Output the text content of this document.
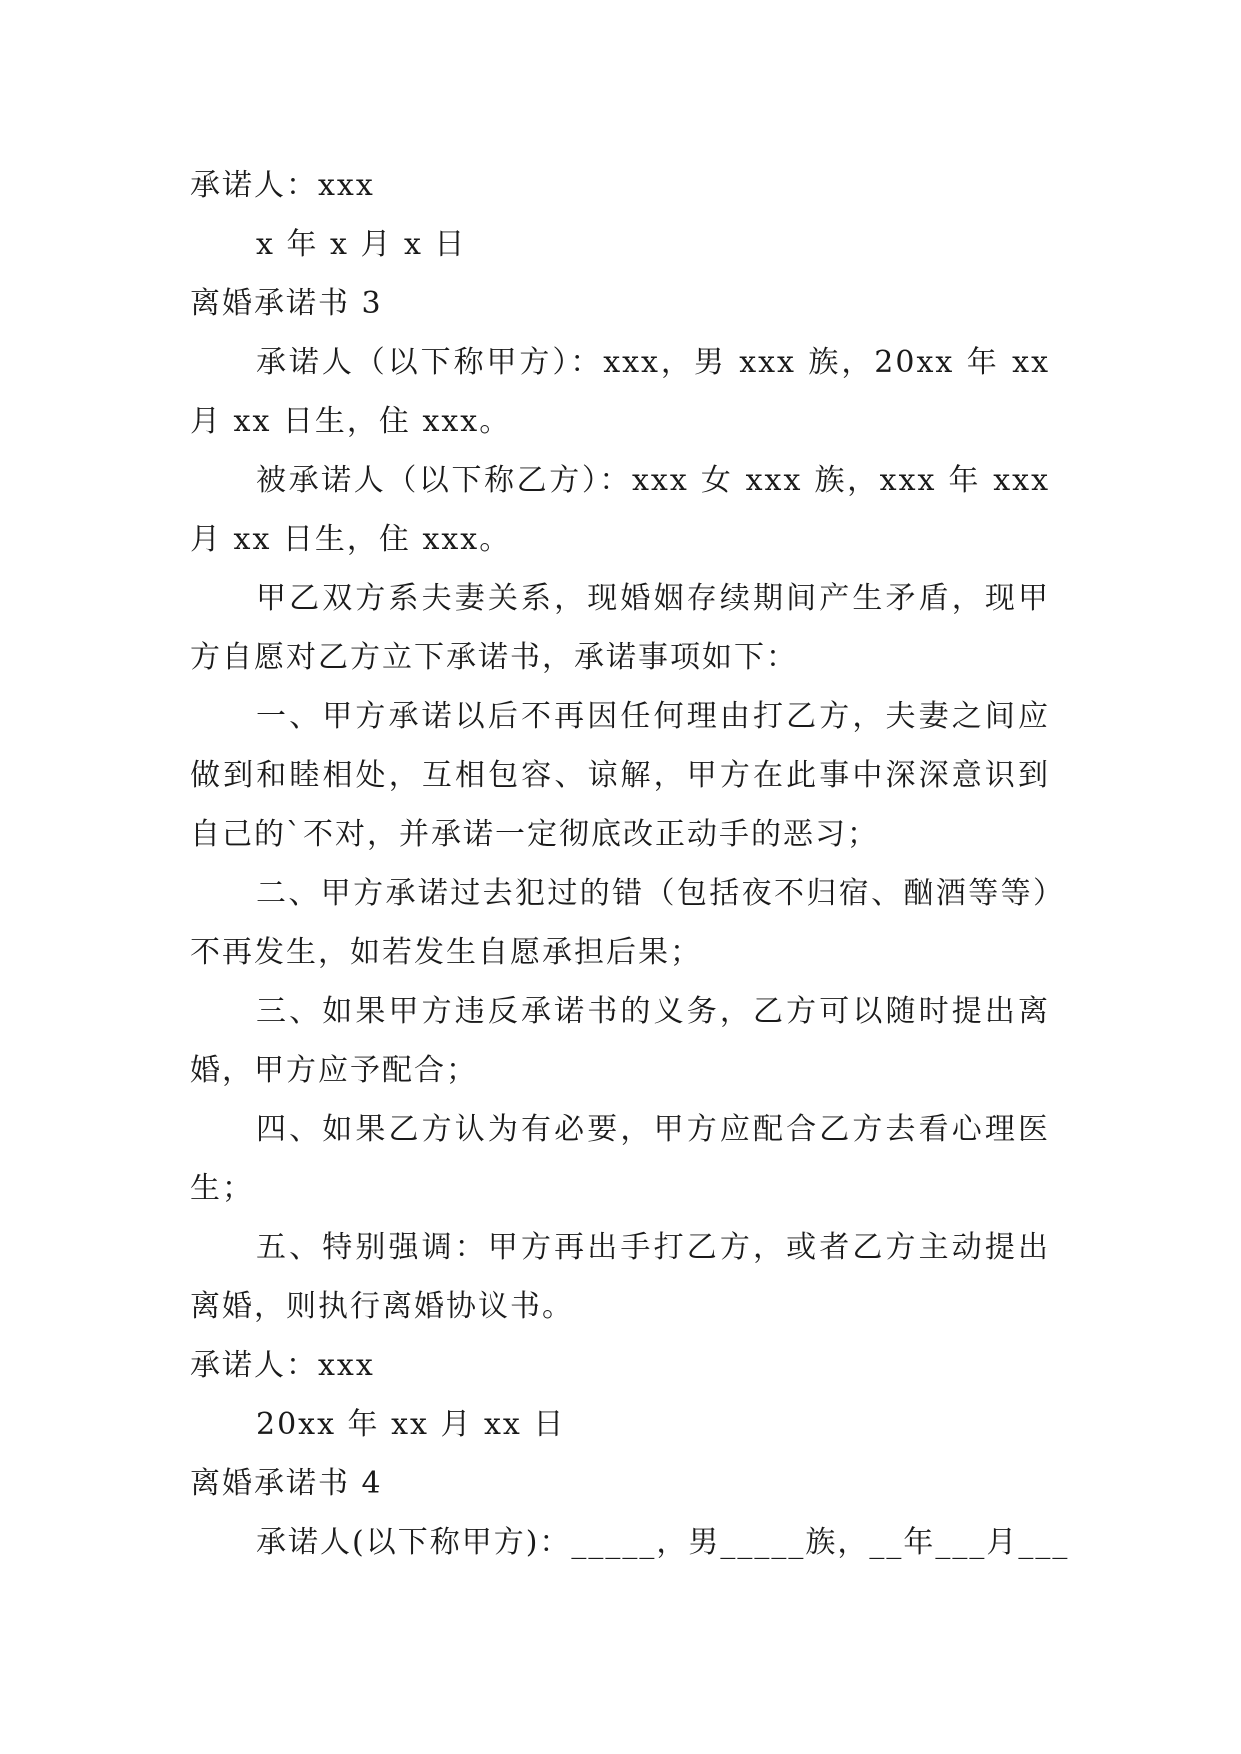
承诺人：xxx
x 年 x 月 x 日
离婚承诺书 3
承诺人（以下称甲方）：xxx，男 xxx 族，20xx 年 xx 月 xx 日生，住 xxx。
被承诺人（以下称乙方）：xxx 女 xxx 族，xxx 年 xxx 月 xx 日生，住 xxx。
甲乙双方系夫妻关系，现婚姻存续期间产生矛盾，现甲方自愿对乙方立下承诺书，承诺事项如下：
一、甲方承诺以后不再因任何理由打乙方，夫妻之间应做到和睦相处，互相包容、谅解，甲方在此事中深深意识到自己的`不对，并承诺一定彻底改正动手的恶习；
二、甲方承诺过去犯过的错（包括夜不归宿、酗酒等等）不再发生，如若发生自愿承担后果；
三、如果甲方违反承诺书的义务，乙方可以随时提出离婚，甲方应予配合；
四、如果乙方认为有必要，甲方应配合乙方去看心理医生；
五、特别强调：甲方再出手打乙方，或者乙方主动提出离婚，则执行离婚协议书。
承诺人：xxx
20xx 年 xx 月 xx 日
离婚承诺书 4
承诺人(以下称甲方)：_____，男_____族，__年___月___
